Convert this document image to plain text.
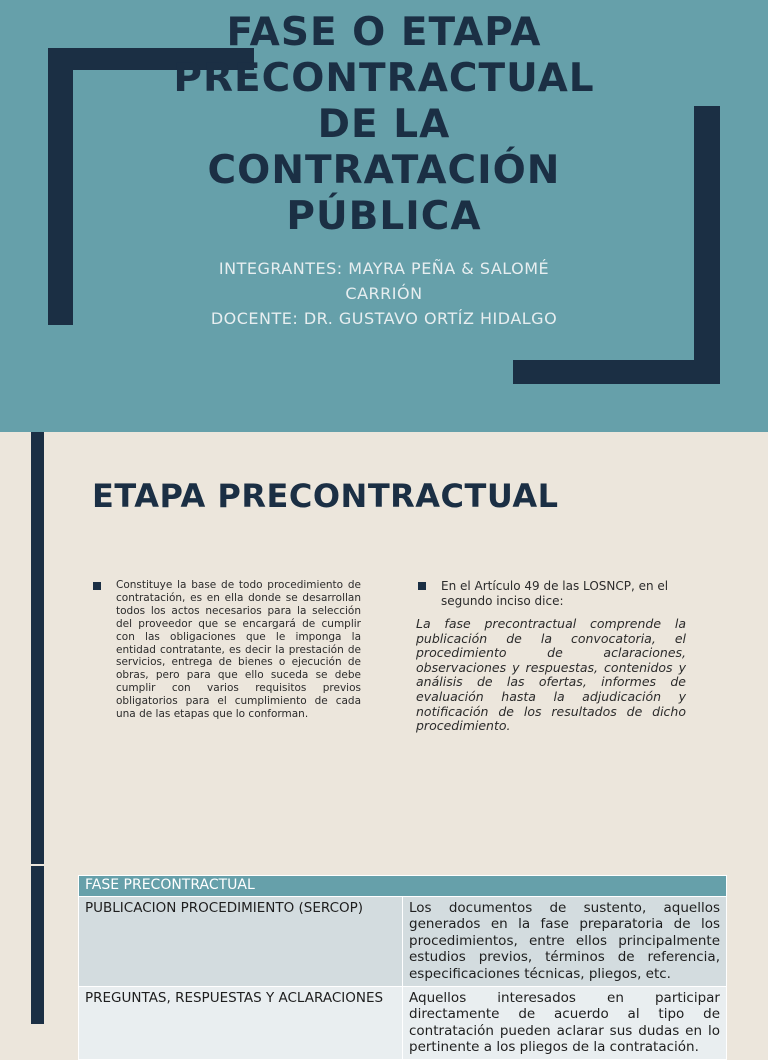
FASE O ETAPA
PRECONTRACTUAL
DE LA
CONTRATACIÓN
PÚBLICA
INTEGRANTES: MAYRA PEÑA & SALOMÉ
CARRIÓN
DOCENTE: DR. GUSTAVO ORTÍZ HIDALGO
ETAPA PRECONTRACTUAL

Constituye la base de todo procedimiento de contratación, es en ella donde se desarrollan todos los actos necesarios para la selección del proveedor que se encargará de cumplir con las obligaciones que le imponga la entidad contratante, es decir la prestación de servicios, entrega de bienes o ejecución de obras, pero para que ello suceda se debe cumplir con varios requisitos previos obligatorios para el cumplimiento de cada una de las etapas que lo conforman.

En el Artículo 49 de las LOSNCP, en el segundo inciso dice:

La fase precontractual comprende la publicación de la convocatoria, el procedimiento de aclaraciones, observaciones y respuestas, contenidos y análisis de las ofertas, informes de evaluación hasta la adjudicación y notificación de los resultados de dicho procedimiento.

FASE PRECONTRACTUAL	
PUBLICACION PROCEDIMIENTO (SERCOP)	Los documentos de sustento, aquellos generados en la fase preparatoria de los procedimientos, entre ellos principalmente estudios previos, términos de referencia, especificaciones técnicas, pliegos, etc.
PREGUNTAS, RESPUESTAS Y ACLARACIONES	Aquellos interesados en participar directamente de acuerdo al tipo de contratación pueden aclarar sus dudas en lo pertinente a los pliegos de la contratación.
